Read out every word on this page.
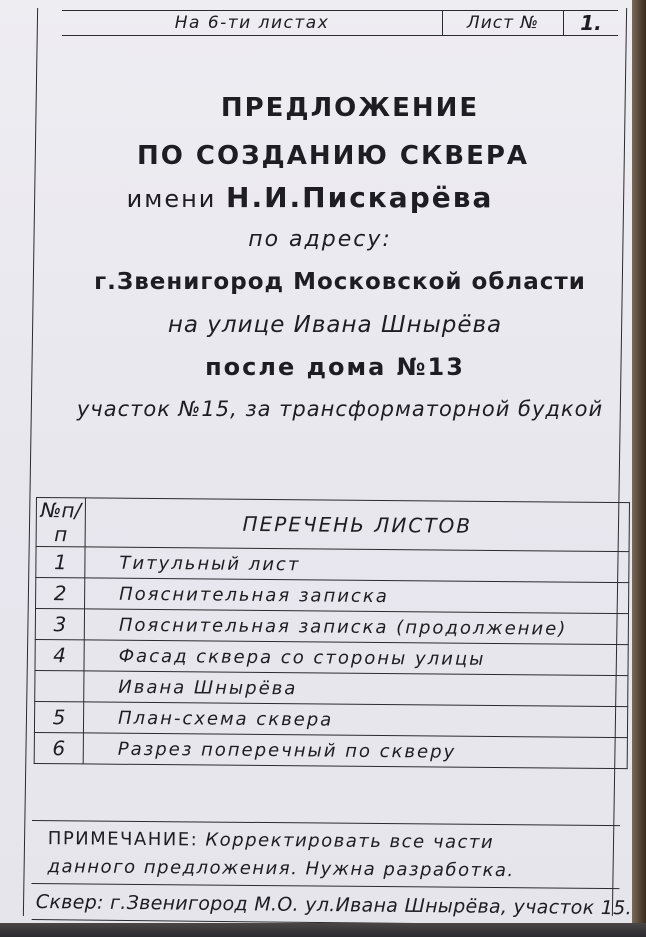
На 6-ти листах	Лист №	1.
ПРЕДЛОЖЕНИЕ
ПО СОЗДАНИЮ СКВЕРА
имени Н.И.Пискарёва
по адресу:
г.Звенигород Московской области
на улице Ивана Шнырёва
после дома №13
участок №15, за трансформаторной будкой
№п/п	ПЕРЕЧЕНЬ ЛИСТОВ
1	Титульный лист
2	Пояснительная записка
3	Пояснительная записка (продолжение)
4	Фасад сквера со стороны улицы
	Ивана Шнырёва
5	План-схема сквера
6	Разрез поперечный по скверу
ПРИМЕЧАНИЕ: Корректировать все части
данного предложения. Нужна разработка.
Сквер: г.Звенигород М.О. ул.Ивана Шнырёва, участок 15.
